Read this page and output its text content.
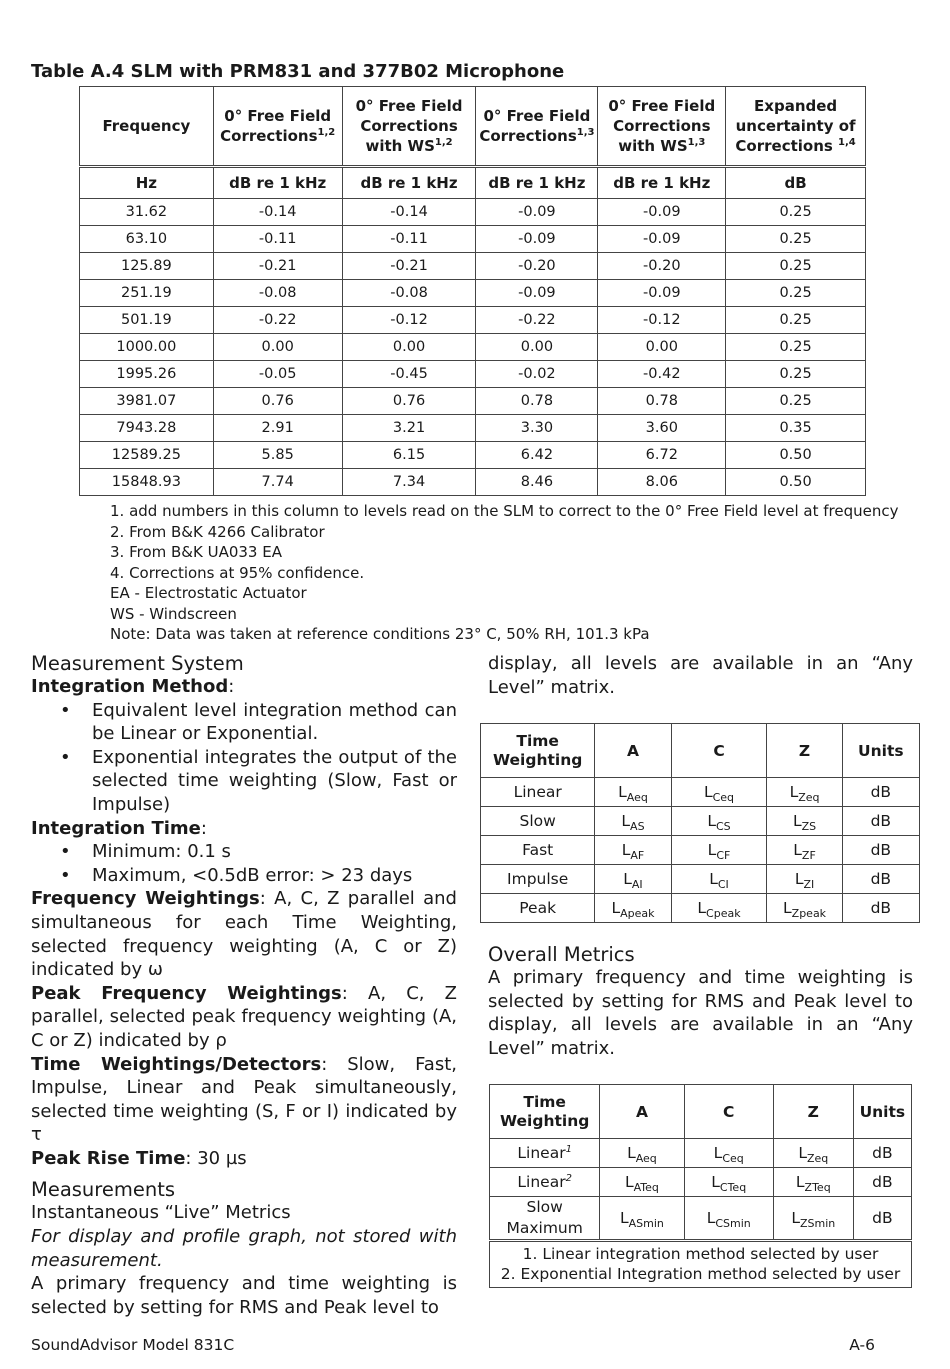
Table A.4 SLM with PRM831 and 377B02 Microphone
Frequency	0° Free Field Corrections$^{1,2}$	0° Free Field Corrections with WS$^{1,2}$	0° Free Field Corrections$^{1,3}$	0° Free Field Corrections with WS$^{1,3}$	Expanded uncertainty of Corrections $^{1,4}$
Hz	dB re 1 kHz	dB re 1 kHz	dB re 1 kHz	dB re 1 kHz	dB
31.62	-0.14	-0.14	-0.09	-0.09	0.25
63.10	-0.11	-0.11	-0.09	-0.09	0.25
125.89	-0.21	-0.21	-0.20	-0.20	0.25
251.19	-0.08	-0.08	-0.09	-0.09	0.25
501.19	-0.22	-0.12	-0.22	-0.12	0.25
1000.00	0.00	0.00	0.00	0.00	0.25
1995.26	-0.05	-0.45	-0.02	-0.42	0.25
3981.07	0.76	0.76	0.78	0.78	0.25
7943.28	2.91	3.21	3.30	3.60	0.35
12589.25	5.85	6.15	6.42	6.72	0.50
15848.93	7.74	7.34	8.46	8.06	0.50
1. add numbers in this column to levels read on the SLM to correct to the 0° Free Field level at frequency
2. From B&K 4266 Calibrator
3. From B&K UA033 EA
4. Corrections at 95% confidence.
EA - Electrostatic Actuator
WS - Windscreen
Note: Data was taken at reference conditions 23° C, 50% RH, 101.3 kPa
Measurement System
Integration Method:
• Equivalent level integration method can be Linear or Exponential.
• Exponential integrates the output of the selected time weighting (Slow, Fast or Impulse)
Integration Time:
• Minimum: 0.1 s
• Maximum, <0.5dB error: > 23 days
Frequency Weightings: A, C, Z parallel and simultaneous for each Time Weighting, selected frequency weighting (A, C or Z) indicated by ω
Peak Frequency Weightings: A, C, Z parallel, selected peak frequency weighting (A, C or Z) indicated by ρ
Time Weightings/Detectors: Slow, Fast, Impulse, Linear and Peak simultaneously, selected time weighting (S, F or I) indicated by τ
Peak Rise Time: 30 µs
Measurements
Instantaneous “Live” Metrics
For display and profile graph, not stored with measurement.
A primary frequency and time weighting is selected by setting for RMS and Peak level to
display, all levels are available in an “Any Level” matrix.
Time Weighting	A	C	Z	Units
Linear	$L_{Aeq}$	$L_{Ceq}$	$L_{Zeq}$	dB
Slow	$L_{AS}$	$L_{CS}$	$L_{ZS}$	dB
Fast	$L_{AF}$	$L_{CF}$	$L_{ZF}$	dB
Impulse	$L_{AI}$	$L_{CI}$	$L_{ZI}$	dB
Peak	$L_{Apeak}$	$L_{Cpeak}$	$L_{Zpeak}$	dB
Overall Metrics
A primary frequency and time weighting is selected by setting for RMS and Peak level to display, all levels are available in an “Any Level” matrix.
Time Weighting	A	C	Z	Units
Linear$^1$	$L_{Aeq}$	$L_{Ceq}$	$L_{Zeq}$	dB
Linear$^2$	$L_{ATeq}$	$L_{CTeq}$	$L_{ZTeq}$	dB
Slow Maximum	$L_{ASmin}$	$L_{CSmin}$	$L_{ZSmin}$	dB

1. Linear integration method selected by user
2. Exponential Integration method selected by user				
SoundAdvisor Model 831C	A-6
